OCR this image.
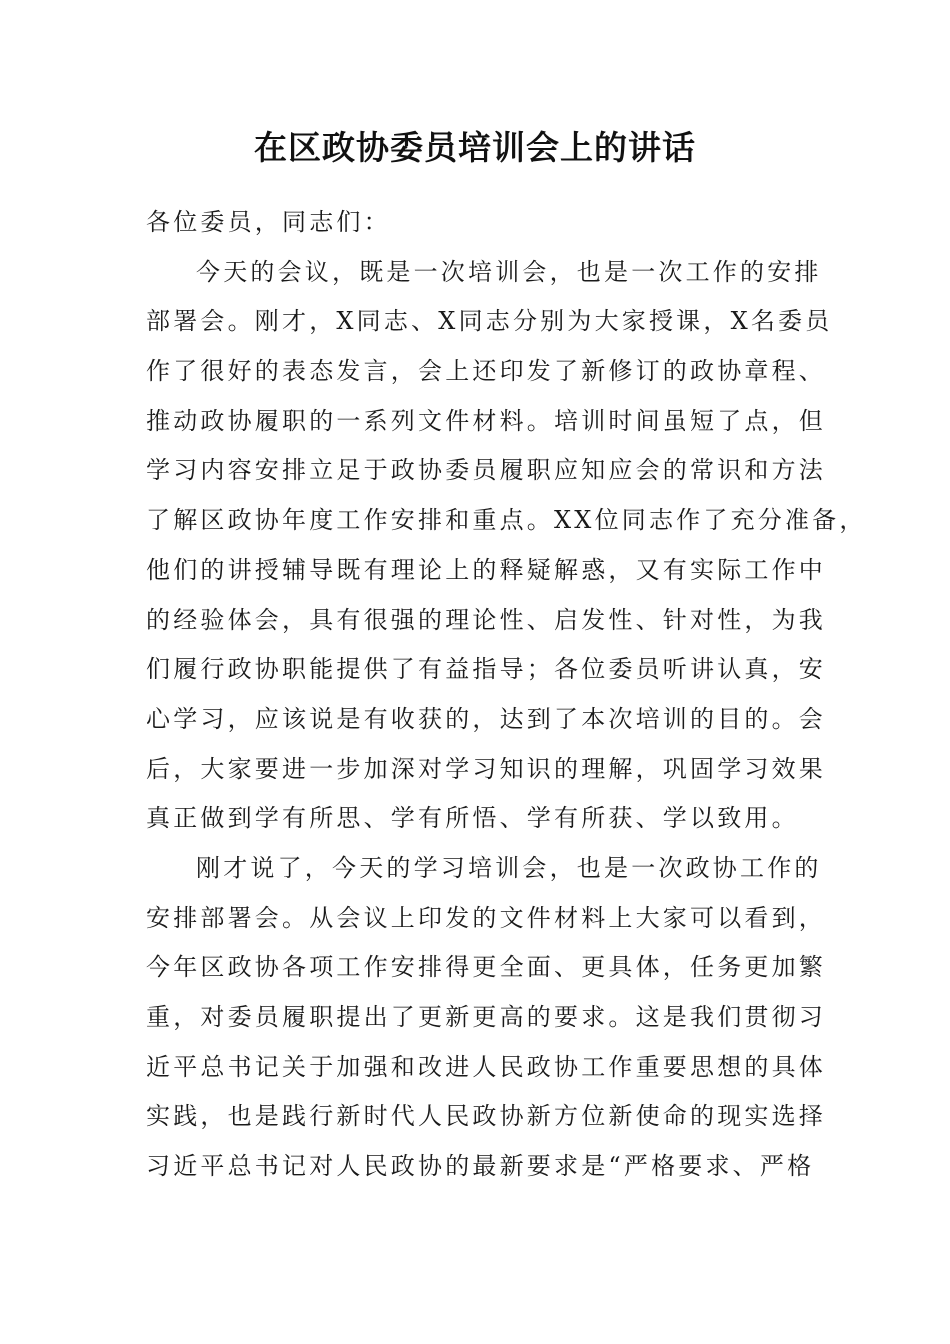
在区政协委员培训会上的讲话
各位委员，同志们：
今天的会议，既是一次培训会，也是一次工作的安排
部署会。刚才，X同志、X同志分别为大家授课，X名委员
作了很好的表态发言，会上还印发了新修订的政协章程、
推动政协履职的一系列文件材料。培训时间虽短了点，但
学习内容安排立足于政协委员履职应知应会的常识和方法
了解区政协年度工作安排和重点。XX位同志作了充分准备，
他们的讲授辅导既有理论上的释疑解惑，又有实际工作中
的经验体会，具有很强的理论性、启发性、针对性，为我
们履行政协职能提供了有益指导；各位委员听讲认真，安
心学习，应该说是有收获的，达到了本次培训的目的。会
后，大家要进一步加深对学习知识的理解，巩固学习效果
真正做到学有所思、学有所悟、学有所获、学以致用。
刚才说了，今天的学习培训会，也是一次政协工作的
安排部署会。从会议上印发的文件材料上大家可以看到，
今年区政协各项工作安排得更全面、更具体，任务更加繁
重，对委员履职提出了更新更高的要求。这是我们贯彻习
近平总书记关于加强和改进人民政协工作重要思想的具体
实践，也是践行新时代人民政协新方位新使命的现实选择
习近平总书记对人民政协的最新要求是“严格要求、严格
